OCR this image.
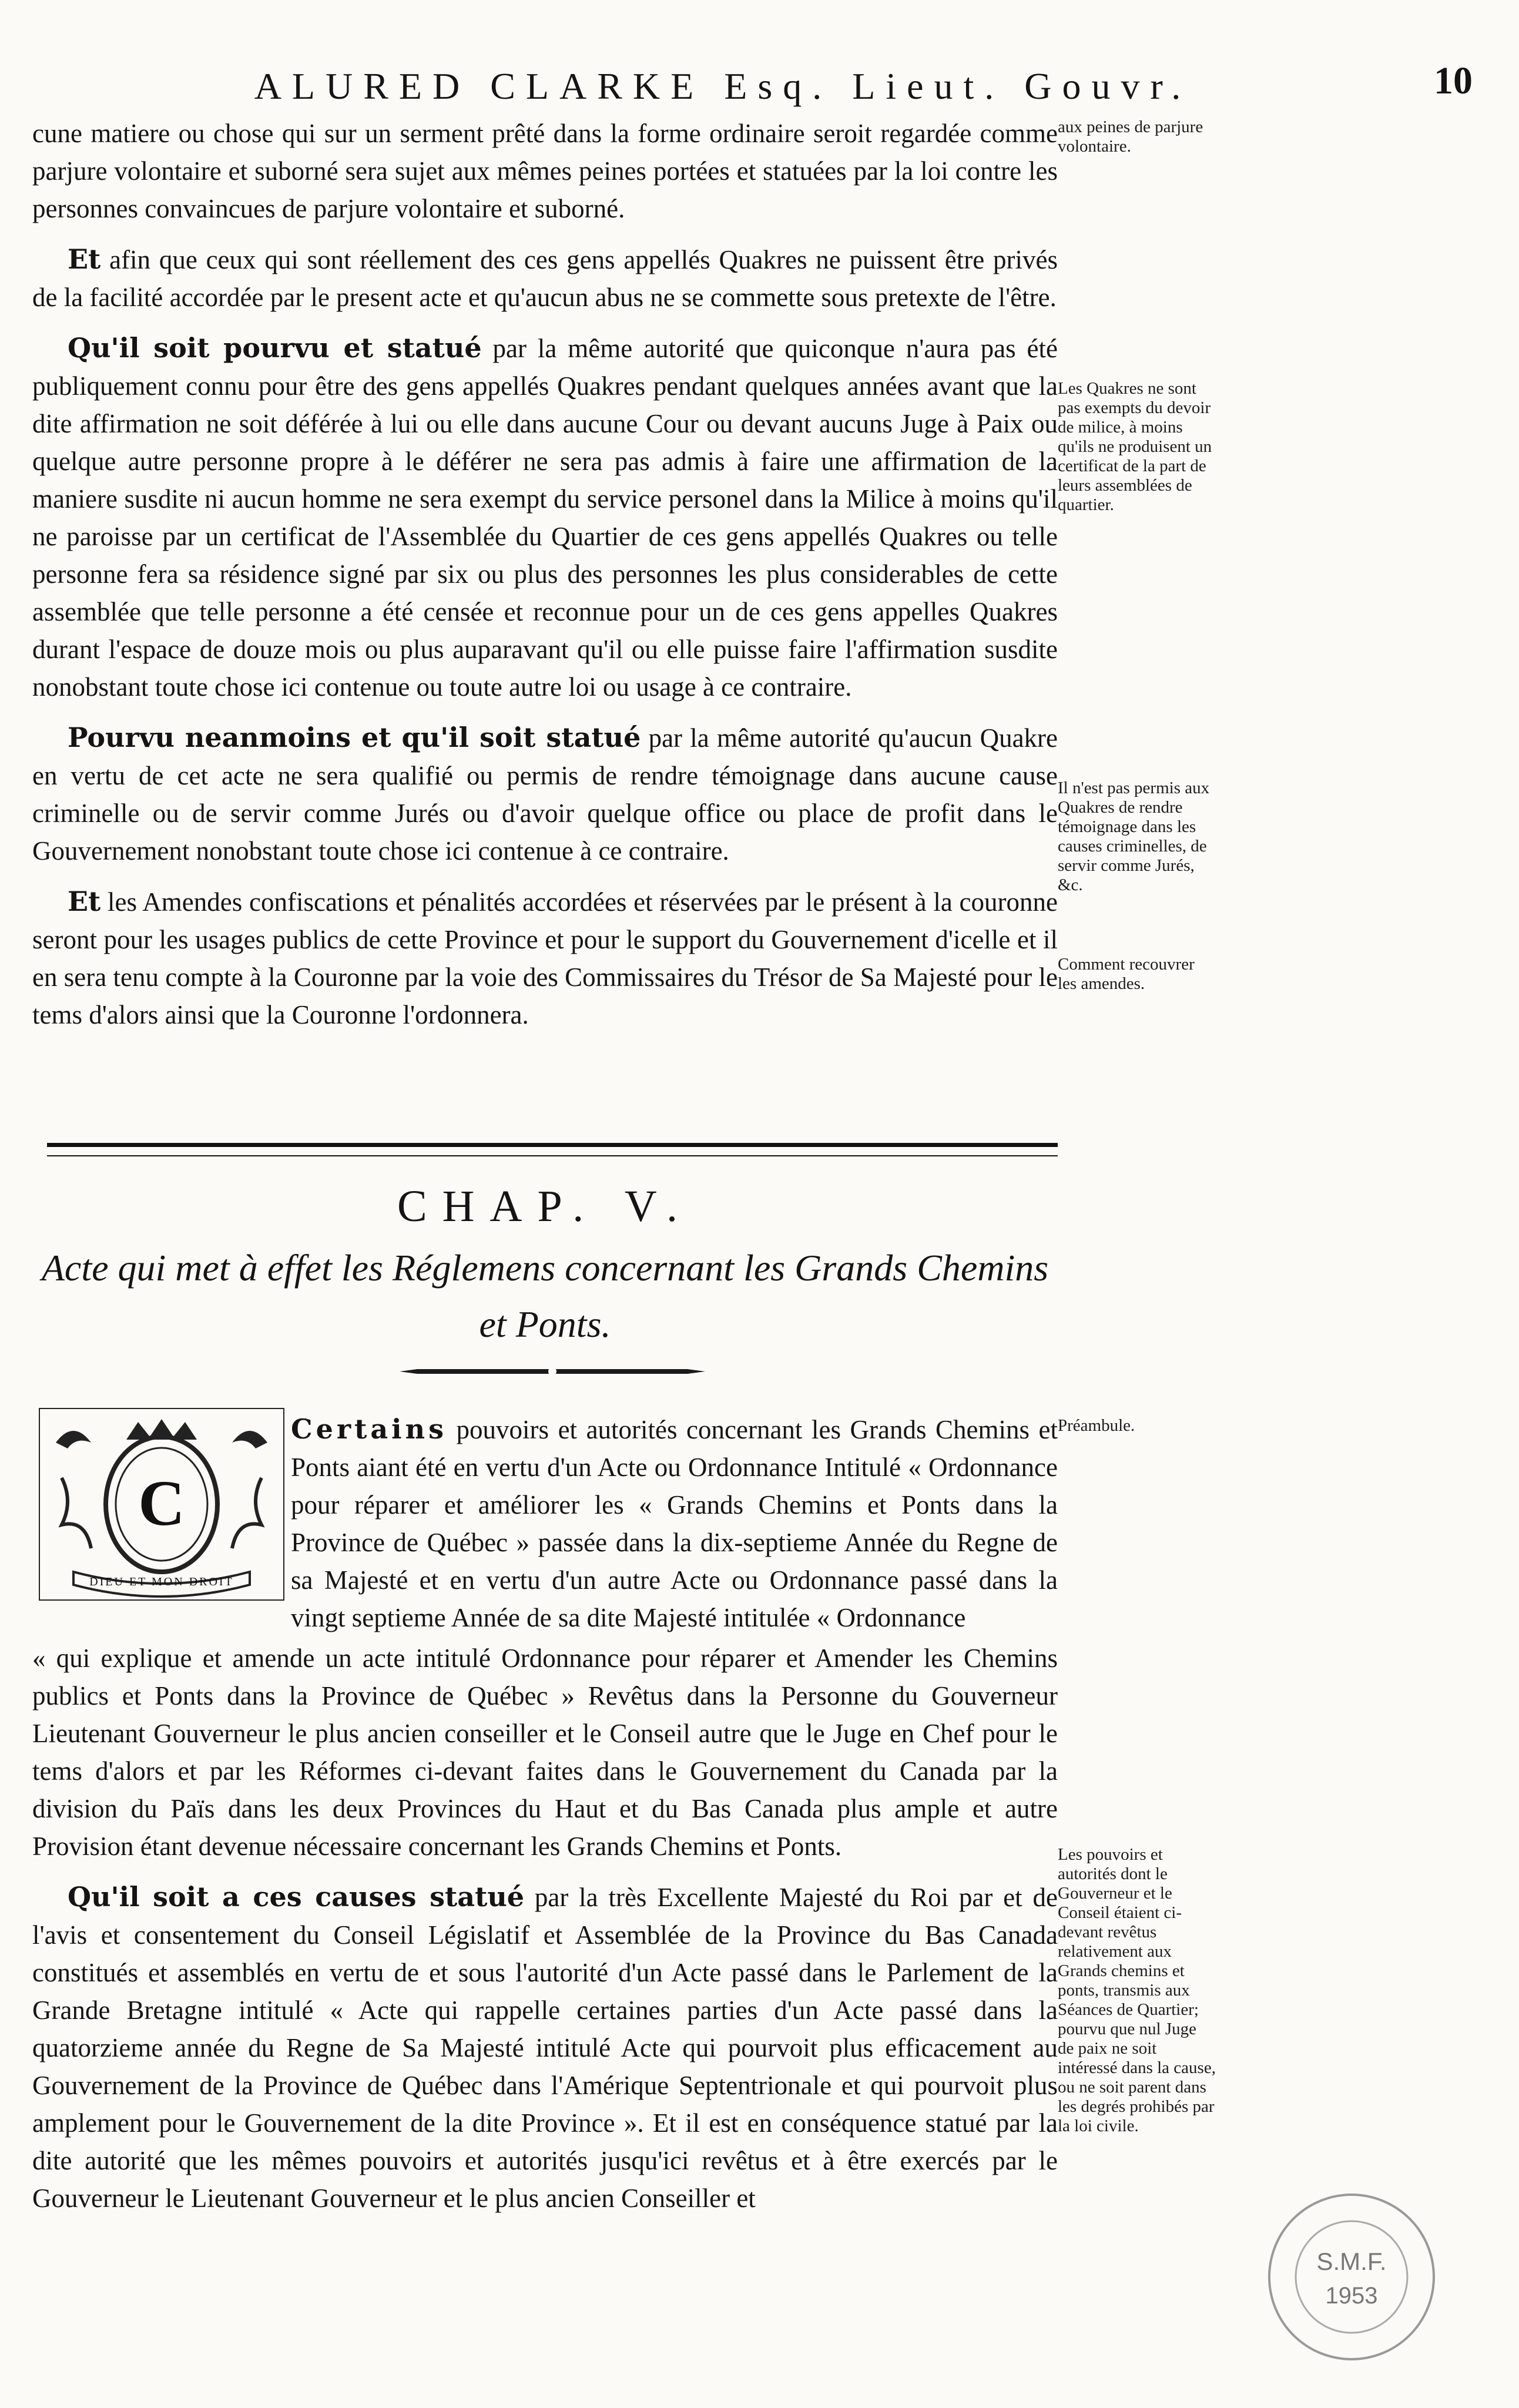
ALURED CLARKE Esq. Lieut. Gouvr.	10

cune matiere ou chose qui sur un serment prêté dans la forme ordinaire seroit regardée comme parjure volontaire et suborné sera sujet aux mêmes peines portées et statuées par la loi contre les personnes convaincues de parjure volontaire et suborné.

Et afin que ceux qui sont réellement des ces gens appellés Quakres ne puissent être privés de la facilité accordée par le present acte et qu'aucun abus ne se commette sous pretexte de l'être.

Qu'il soit pourvu et statué par la même autorité que quiconque n'aura pas été publiquement connu pour être des gens appellés Quakres pendant quelques années avant que la dite affirmation ne soit déférée à lui ou elle dans aucune Cour ou devant aucuns Juge à Paix ou quelque autre personne propre à le déférer ne sera pas admis à faire une affirmation de la maniere susdite ni aucun homme ne sera exempt du service personel dans la Milice à moins qu'il ne paroisse par un certificat de l'Assemblée du Quartier de ces gens appellés Quakres ou telle personne fera sa résidence signé par six ou plus des personnes les plus considerables de cette assemblée que telle personne a été censée et reconnue pour un de ces gens appelles Quakres durant l'espace de douze mois ou plus auparavant qu'il ou elle puisse faire l'affirmation susdite nonobstant toute chose ici contenue ou toute autre loi ou usage à ce contraire.

Pourvu neanmoins et qu'il soit statué par la même autorité qu'aucun Quakre en vertu de cet acte ne sera qualifié ou permis de rendre témoignage dans aucune cause criminelle ou de servir comme Jurés ou d'avoir quelque office ou place de profit dans le Gouvernement nonobstant toute chose ici contenue à ce contraire.

Et les Amendes confiscations et pénalités accordées et réservées par le présent à la couronne seront pour les usages publics de cette Province et pour le support du Gouvernement d'icelle et il en sera tenu compte à la Couronne par la voie des Commissaires du Trésor de Sa Majesté pour le tems d'alors ainsi que la Couronne l'ordonnera.

aux peines de parjure volontaire.
Les Quakres ne sont pas exempts du devoir de milice, à moins qu'ils ne produisent un certificat de la part de leurs assemblées de quartier.
Il n'est pas permis aux Quakres de rendre témoignage dans les causes criminelles, de servir comme Jurés, &c.
Comment recouvrer les amendes.
Préambule.
Les pouvoirs et autorités dont le Gouverneur et le Conseil étaient ci-devant revêtus relativement aux Grands chemins et ponts, transmis aux Séances de Quartier; pourvu que nul Juge de paix ne soit intéressé dans la cause, ou ne soit parent dans les degrés prohibés par la loi civile.
CHAP. V.
Acte qui met à effet les Réglemens concernant les Grands Chemins et Ponts.
C
DIEU ET MON DROIT

Certains pouvoirs et autorités concernant les Grands Chemins et Ponts aiant été en vertu d'un Acte ou Ordonnance Intitulé « Ordonnance pour réparer et améliorer les « Grands Chemins et Ponts dans la Province de Québec » passée dans la dix-septieme Année du Regne de sa Majesté et en vertu d'un autre Acte ou Ordonnance passé dans la vingt septieme Année de sa dite Majesté intitulée « Ordonnance

« qui explique et amende un acte intitulé Ordonnance pour réparer et Amender les Chemins publics et Ponts dans la Province de Québec » Revêtus dans la Personne du Gouverneur Lieutenant Gouverneur le plus ancien conseiller et le Conseil autre que le Juge en Chef pour le tems d'alors et par les Réformes ci-devant faites dans le Gouvernement du Canada par la division du Païs dans les deux Provinces du Haut et du Bas Canada plus ample et autre Provision étant devenue nécessaire concernant les Grands Chemins et Ponts.

Qu'il soit a ces causes statué par la très Excellente Majesté du Roi par et de l'avis et consentement du Conseil Législatif et Assemblée de la Province du Bas Canada constitués et assemblés en vertu de et sous l'autorité d'un Acte passé dans le Parlement de la Grande Bretagne intitulé « Acte qui rappelle certaines parties d'un Acte passé dans la quatorzieme année du Regne de Sa Majesté intitulé Acte qui pourvoit plus efficacement au Gouvernement de la Province de Québec dans l'Amérique Septentrionale et qui pourvoit plus amplement pour le Gouvernement de la dite Province ». Et il est en conséquence statué par la dite autorité que les mêmes pouvoirs et autorités jusqu'ici revêtus et à être exercés par le Gouverneur le Lieutenant Gouverneur et le plus ancien Conseiller et

S.M.F.
1953
